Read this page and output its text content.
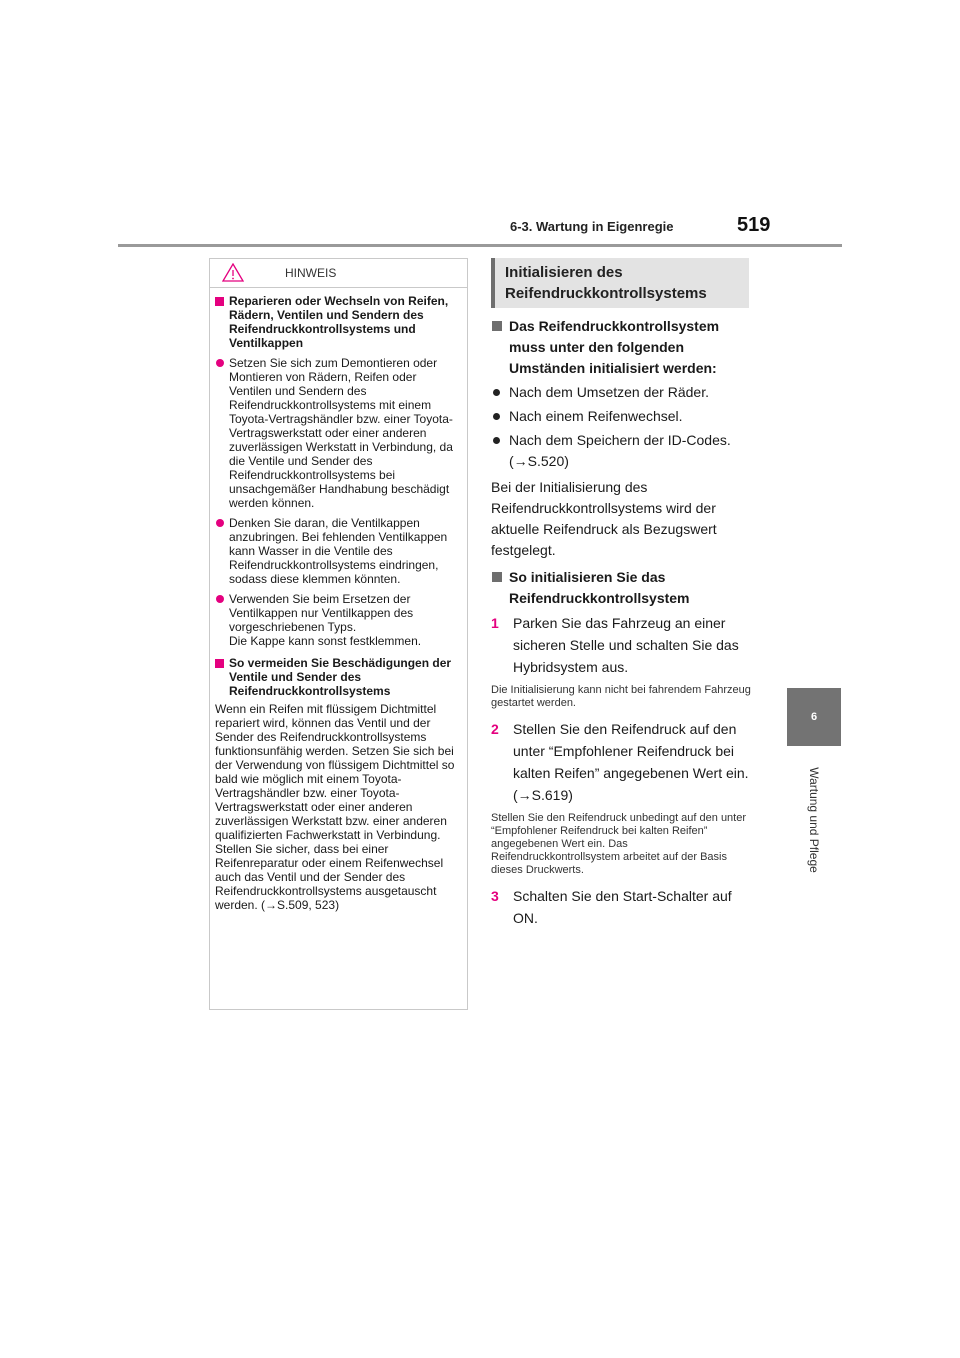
6-3. Wartung in Eigenregie	519
6
Wartung und Pflege
HINWEIS
Reparieren oder Wechseln von Reifen, Rädern, Ventilen und Sendern des Reifendruckkontrollsystems und Ventilkappen
Setzen Sie sich zum Demontieren oder Montieren von Rädern, Reifen oder Ventilen und Sendern des Reifendruckkontrollsystems mit einem Toyota-Vertragshändler bzw. einer Toyota-Vertragswerkstatt oder einer anderen zuverlässigen Werkstatt in Verbindung, da die Ventile und Sender des Reifendruckkontrollsystems bei unsachgemäßer Handhabung beschädigt werden können.
Denken Sie daran, die Ventilkappen anzubringen. Bei fehlenden Ventilkappen kann Wasser in die Ventile des Reifendruckkontrollsystems eindringen, sodass diese klemmen könnten.
Verwenden Sie beim Ersetzen der Ventilkappen nur Ventilkappen des vorgeschriebenen Typs.
Die Kappe kann sonst festklemmen.
So vermeiden Sie Beschädigungen der Ventile und Sender des Reifendruckkontrollsystems
Wenn ein Reifen mit flüssigem Dichtmittel repariert wird, können das Ventil und der Sender des Reifendruckkontrollsystems funktionsunfähig werden. Setzen Sie sich bei der Verwendung von flüssigem Dichtmittel so bald wie möglich mit einem Toyota-Vertragshändler bzw. einer Toyota-Vertragswerkstatt oder einer anderen zuverlässigen Werkstatt bzw. einer anderen qualifizierten Fachwerkstatt in Verbindung. Stellen Sie sicher, dass bei einer Reifenreparatur oder einem Reifenwechsel auch das Ventil und der Sender des Reifendruckkontrollsystems ausgetauscht werden. (→S.509, 523)
Initialisieren des Reifendruckkontrollsystems
Das Reifendruckkontrollsystem muss unter den folgenden Umständen initialisiert werden:
Nach dem Umsetzen der Räder.
Nach einem Reifenwechsel.
Nach dem Speichern der ID-Codes. (→S.520)
Bei der Initialisierung des Reifendruckkontrollsystems wird der aktuelle Reifendruck als Bezugswert festgelegt.
So initialisieren Sie das Reifendruckkontrollsystem
1 Parken Sie das Fahrzeug an einer sicheren Stelle und schalten Sie das Hybridsystem aus.
Die Initialisierung kann nicht bei fahrendem Fahrzeug gestartet werden.
2 Stellen Sie den Reifendruck auf den unter “Empfohlener Reifendruck bei kalten Reifen” angegebenen Wert ein. (→S.619)
Stellen Sie den Reifendruck unbedingt auf den unter “Empfohlener Reifendruck bei kalten Reifen” angegebenen Wert ein. Das Reifendruckkontrollsystem arbeitet auf der Basis dieses Druckwerts.
3 Schalten Sie den Start-Schalter auf ON.
